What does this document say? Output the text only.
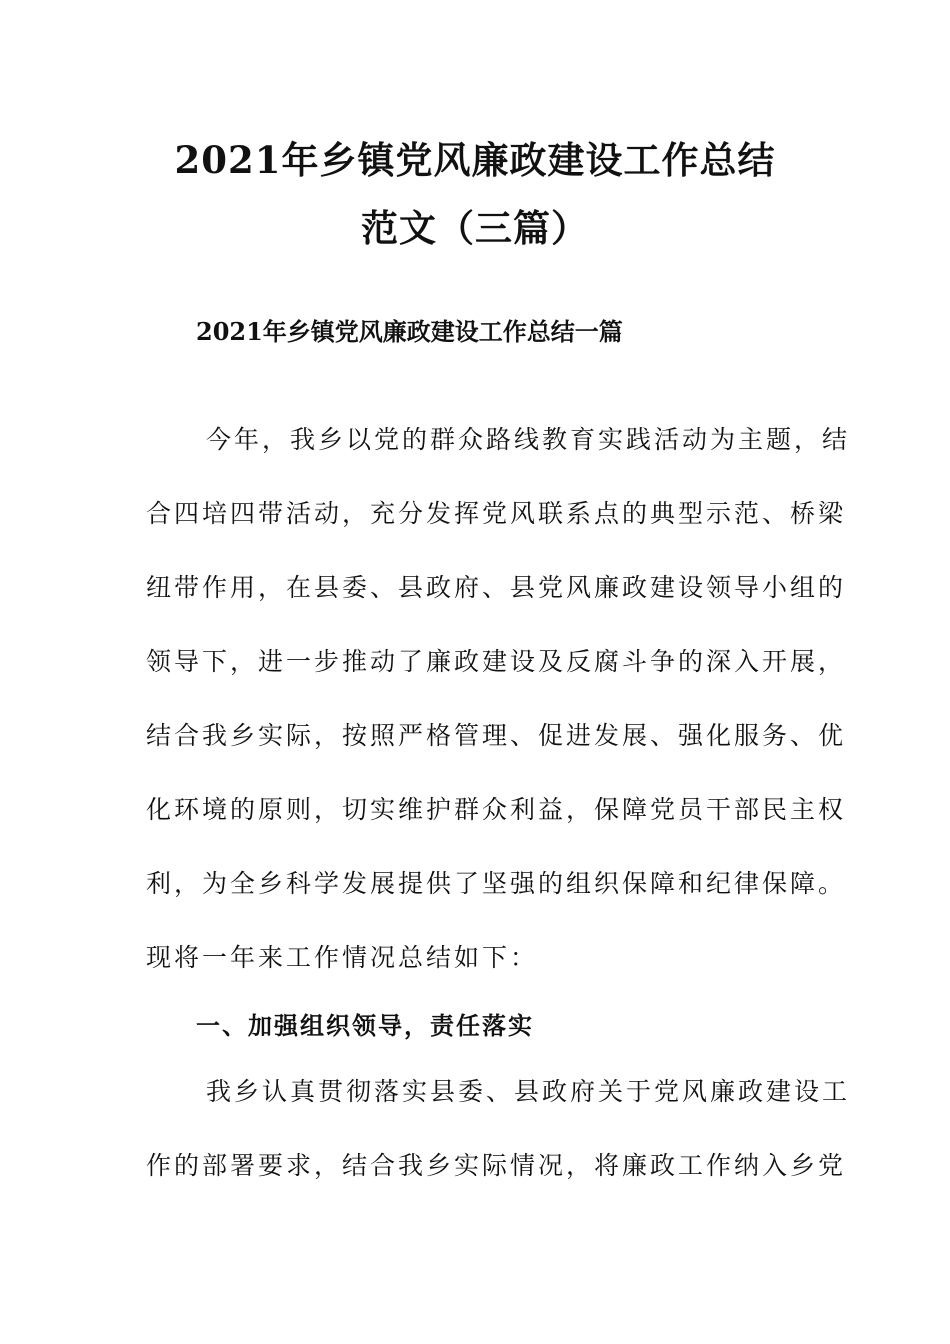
2021年乡镇党风廉政建设工作总结
范文（三篇）
2021年乡镇党风廉政建设工作总结一篇
今年，我乡以党的群众路线教育实践活动为主题，结
合四培四带活动，充分发挥党风联系点的典型示范、桥梁
纽带作用，在县委、县政府、县党风廉政建设领导小组的
领导下，进一步推动了廉政建设及反腐斗争的深入开展，
结合我乡实际，按照严格管理、促进发展、强化服务、优
化环境的原则，切实维护群众利益，保障党员干部民主权
利，为全乡科学发展提供了坚强的组织保障和纪律保障。
现将一年来工作情况总结如下：
一、加强组织领导，责任落实
我乡认真贯彻落实县委、县政府关于党风廉政建设工
作的部署要求，结合我乡实际情况，将廉政工作纳入乡党
